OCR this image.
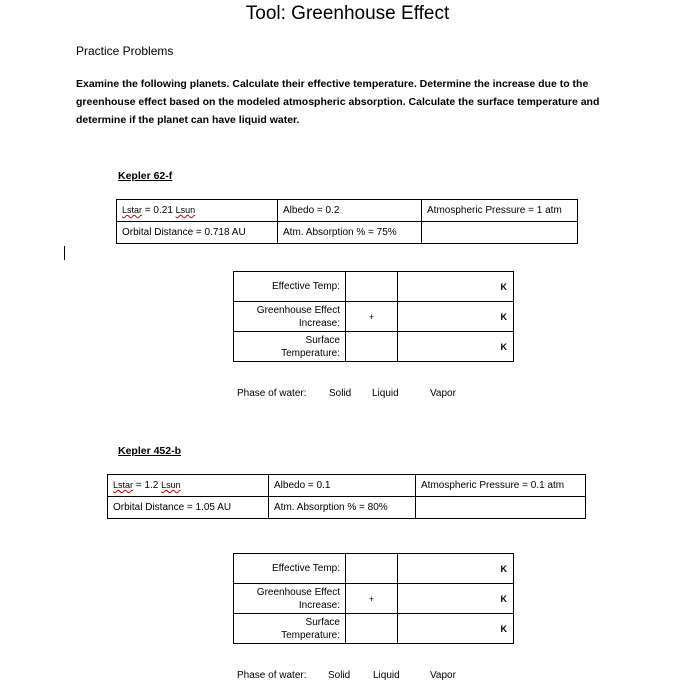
Tool: Greenhouse Effect
Practice Problems
Examine the following planets. Calculate their effective temperature. Determine the increase due to the greenhouse effect based on the modeled atmospheric absorption. Calculate the surface temperature and determine if the planet can have liquid water.
Kepler 62-f
Lstar = 0.21 Lsun	Albedo = 0.2	Atmospheric Pressure = 1 atm
Orbital Distance = 0.718 AU	Atm. Absorption % = 75%	
Effective Temp:		K
Greenhouse Effect
Increase:	+	K
Surface
Temperature:		K
Phase of water: Solid Liquid	Vapor
Kepler 452-b
Lstar = 1.2 Lsun	Albedo = 0.1	Atmospheric Pressure = 0.1 atm
Orbital Distance = 1.05 AU	Atm. Absorption % = 80%	
Effective Temp:		K
Greenhouse Effect
Increase:	+	K
Surface
Temperature:		K
Phase of water: Solid Liquid	Vapor
